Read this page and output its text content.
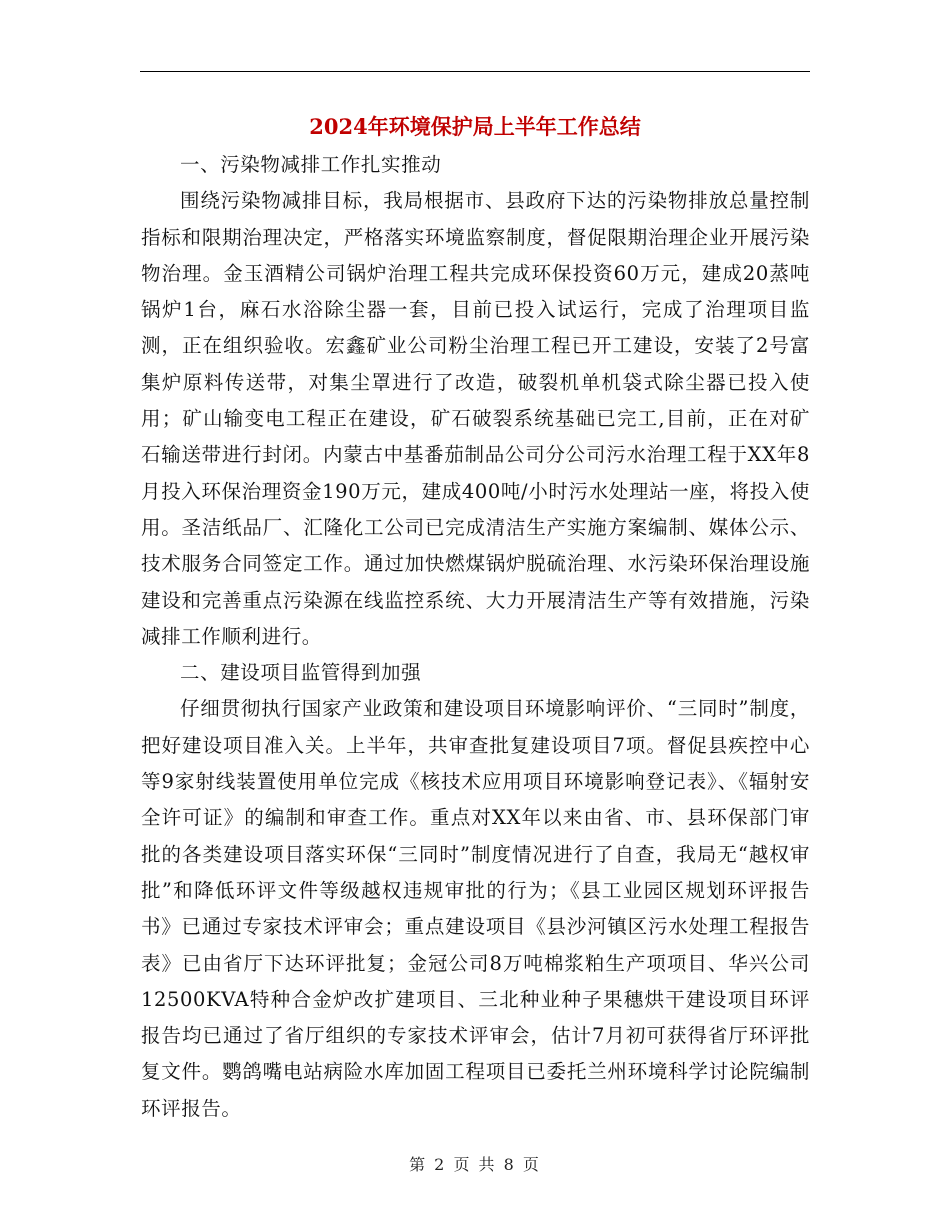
2024年环境保护局上半年工作总结

一、污染物减排工作扎实推动

围绕污染物减排目标，我局根据市、县政府下达的污染物排放总量控制指标和限期治理决定，严格落实环境监察制度，督促限期治理企业开展污染物治理。金玉酒精公司锅炉治理工程共完成环保投资60万元，建成20蒸吨锅炉1台，麻石水浴除尘器一套，目前已投入试运行，完成了治理项目监测，正在组织验收。宏鑫矿业公司粉尘治理工程已开工建设，安装了2号富集炉原料传送带，对集尘罩进行了改造，破裂机单机袋式除尘器已投入使用；矿山输变电工程正在建设，矿石破裂系统基础已完工,目前，正在对矿石输送带进行封闭。内蒙古中基番茄制品公司分公司污水治理工程于XX年8月投入环保治理资金190万元，建成400吨/小时污水处理站一座，将投入使用。圣洁纸品厂、汇隆化工公司已完成清洁生产实施方案编制、媒体公示、技术服务合同签定工作。通过加快燃煤锅炉脱硫治理、水污染环保治理设施建设和完善重点污染源在线监控系统、大力开展清洁生产等有效措施，污染减排工作顺利进行。

二、建设项目监管得到加强

仔细贯彻执行国家产业政策和建设项目环境影响评价、“三同时”制度，把好建设项目准入关。上半年，共审查批复建设项目7项。督促县疾控中心等9家射线装置使用单位完成《核技术应用项目环境影响登记表》、《辐射安全许可证》的编制和审查工作。重点对XX年以来由省、市、县环保部门审批的各类建设项目落实环保“三同时”制度情况进行了自查，我局无“越权审批”和降低环评文件等级越权违规审批的行为；《县工业园区规划环评报告书》已通过专家技术评审会；重点建设项目《县沙河镇区污水处理工程报告表》已由省厅下达环评批复；金冠公司8万吨棉浆粕生产项项目、华兴公司12500KVA特种合金炉改扩建项目、三北种业种子果穗烘干建设项目环评报告均已通过了省厅组织的专家技术评审会，估计7月初可获得省厅环评批复文件。鹦鸽嘴电站病险水库加固工程项目已委托兰州环境科学讨论院编制环评报告。

第 2 页 共 8 页
